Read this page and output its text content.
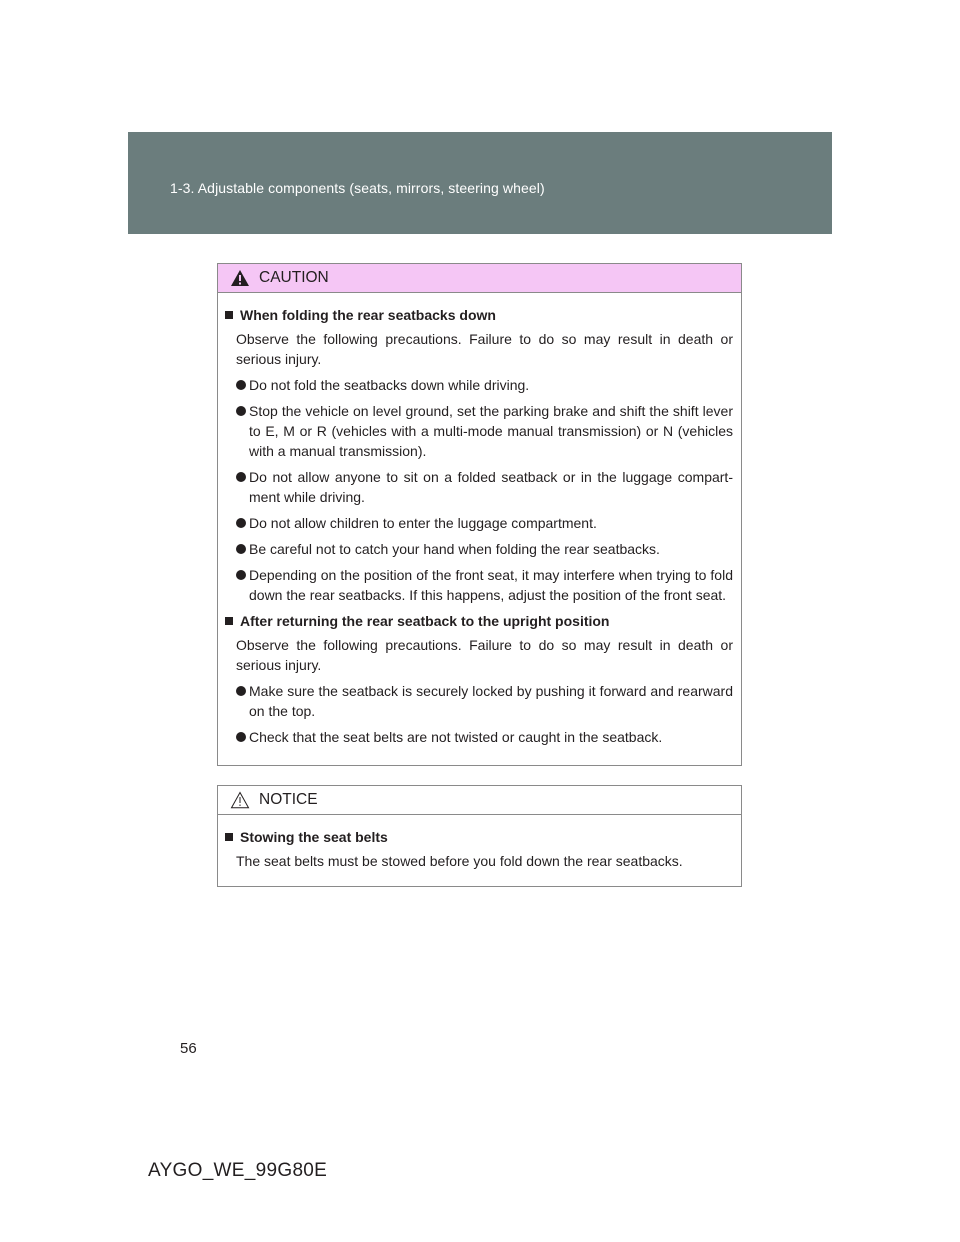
1-3. Adjustable components (seats, mirrors, steering wheel)
CAUTION
When folding the rear seatbacks down
Observe the following precautions. Failure to do so may result in death or serious injury.
Do not fold the seatbacks down while driving.
Stop the vehicle on level ground, set the parking brake and shift the shift lever to E, M or R (vehicles with a multi-mode manual transmission) or N (vehicles with a manual transmission).
Do not allow anyone to sit on a folded seatback or in the luggage compartment while driving.
Do not allow children to enter the luggage compartment.
Be careful not to catch your hand when folding the rear seatbacks.
Depending on the position of the front seat, it may interfere when trying to fold down the rear seatbacks. If this happens, adjust the position of the front seat.
After returning the rear seatback to the upright position
Observe the following precautions. Failure to do so may result in death or serious injury.
Make sure the seatback is securely locked by pushing it forward and rearward on the top.
Check that the seat belts are not twisted or caught in the seatback.
NOTICE
Stowing the seat belts
The seat belts must be stowed before you fold down the rear seatbacks.
56
AYGO_WE_99G80E
